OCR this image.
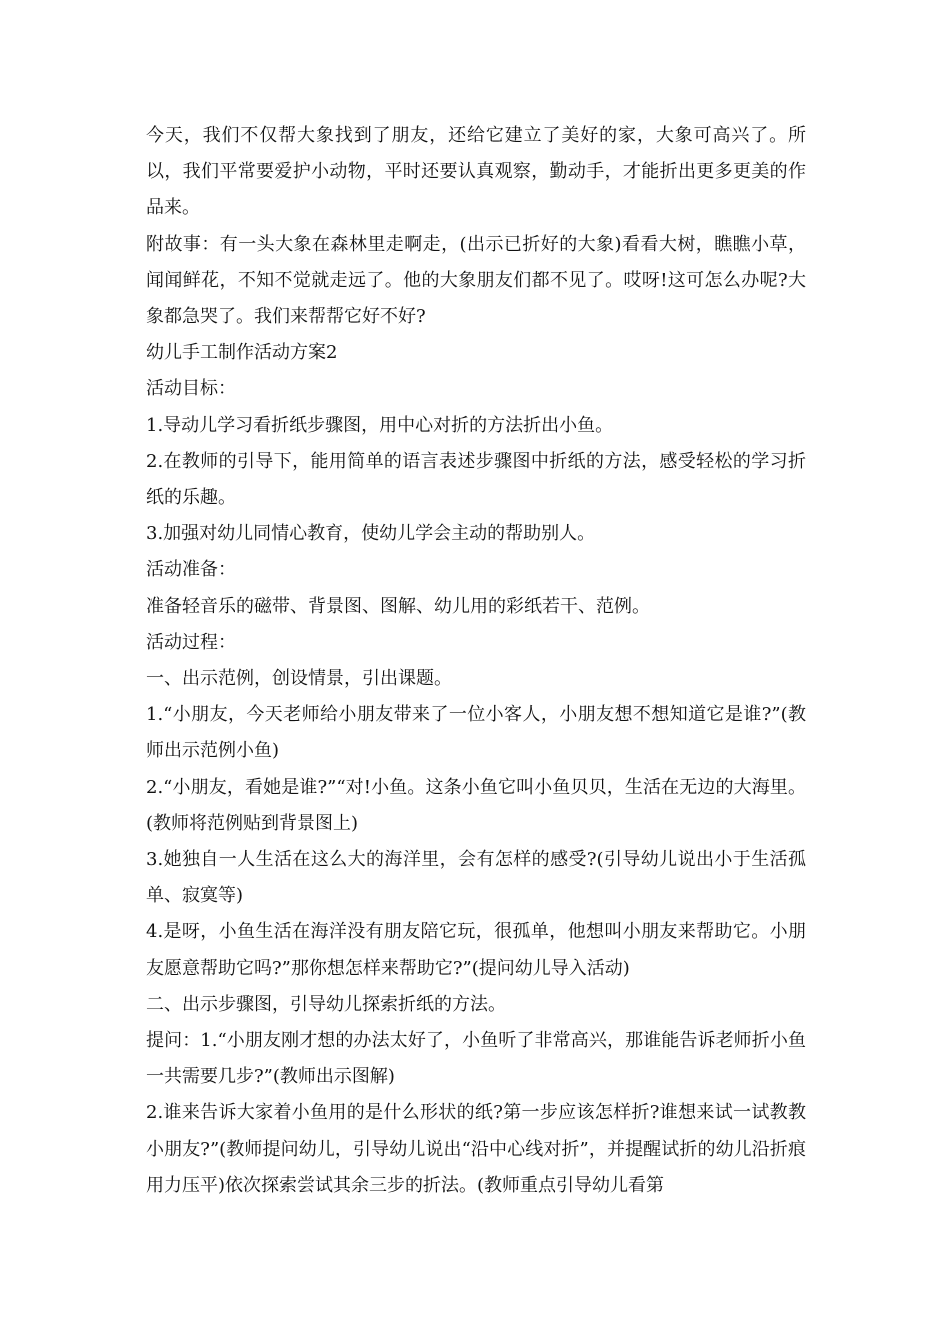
今天，我们不仅帮大象找到了朋友，还给它建立了美好的家，大象可高兴了。所以，我们平常要爱护小动物，平时还要认真观察，勤动手，才能折出更多更美的作品来。

附故事：有一头大象在森林里走啊走，(出示已折好的大象)看看大树，瞧瞧小草，闻闻鲜花，不知不觉就走远了。他的大象朋友们都不见了。哎呀!这可怎么办呢?大象都急哭了。我们来帮帮它好不好?

幼儿手工制作活动方案2

活动目标：

1.导动儿学习看折纸步骤图，用中心对折的方法折出小鱼。

2.在教师的引导下，能用简单的语言表述步骤图中折纸的方法，感受轻松的学习折纸的乐趣。

3.加强对幼儿同情心教育，使幼儿学会主动的帮助别人。

活动准备：

准备轻音乐的磁带、背景图、图解、幼儿用的彩纸若干、范例。

活动过程：

一、出示范例，创设情景，引出课题。

1.“小朋友，今天老师给小朋友带来了一位小客人，小朋友想不想知道它是谁?”(教师出示范例小鱼)

2.“小朋友，看她是谁?”“对!小鱼。这条小鱼它叫小鱼贝贝，生活在无边的大海里。(教师将范例贴到背景图上)

3.她独自一人生活在这么大的海洋里，会有怎样的感受?(引导幼儿说出小于生活孤单、寂寞等)

4.是呀，小鱼生活在海洋没有朋友陪它玩，很孤单，他想叫小朋友来帮助它。小朋友愿意帮助它吗?”那你想怎样来帮助它?”(提问幼儿导入活动)

二、出示步骤图，引导幼儿探索折纸的方法。

提问：1.“小朋友刚才想的办法太好了，小鱼听了非常高兴，那谁能告诉老师折小鱼一共需要几步?”(教师出示图解)

2.谁来告诉大家着小鱼用的是什么形状的纸?第一步应该怎样折?谁想来试一试教教小朋友?”(教师提问幼儿，引导幼儿说出“沿中心线对折”，并提醒试折的幼儿沿折痕用力压平)依次探索尝试其余三步的折法。(教师重点引导幼儿看第
